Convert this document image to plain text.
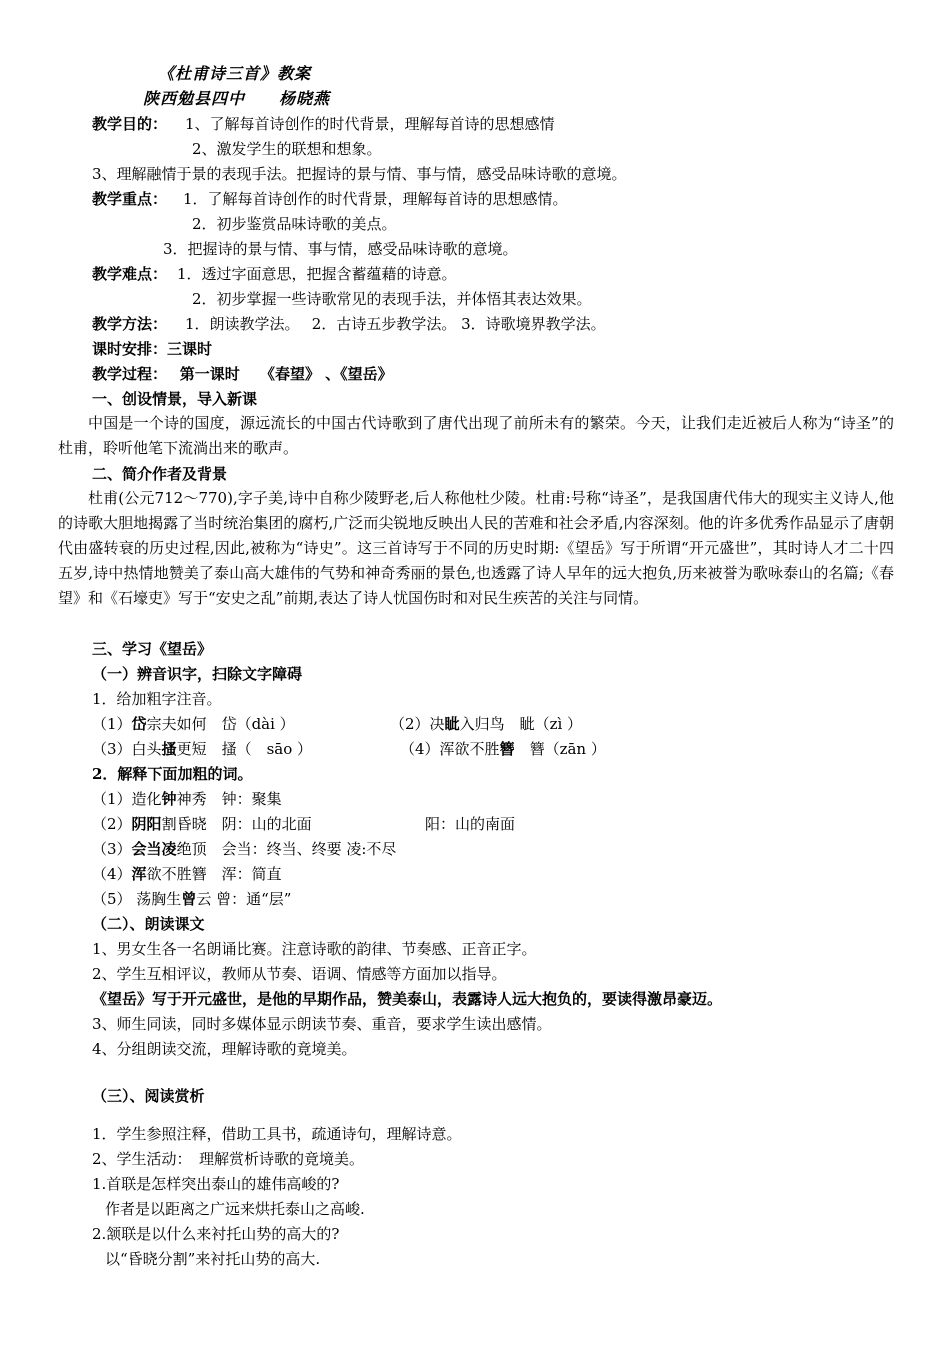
《杜甫诗三首》教案
陕西勉县四中　　杨晓燕
教学目的： 1、了解每首诗创作的时代背景，理解每首诗的思想感情
2、激发学生的联想和想象。
3、理解融情于景的表现手法。把握诗的景与情、事与情，感受品味诗歌的意境。
教学重点： 1．了解每首诗创作的时代背景，理解每首诗的思想感情。
2．初步鉴赏品味诗歌的美点。
3．把握诗的景与情、事与情，感受品味诗歌的意境。
教学难点： 1．透过字面意思，把握含蓄蕴藉的诗意。
2．初步掌握一些诗歌常见的表现手法，并体悟其表达效果。
教学方法： 1．朗读教学法。　 2．古诗五步教学法。 3．诗歌境界教学法。
课时安排：三课时
教学过程：　 第一课时　 《春望》 、《望岳》
一、创设情景，导入新课
中国是一个诗的国度，源远流长的中国古代诗歌到了唐代出现了前所未有的繁荣。今天，让我们走近被后人称为“诗圣”的杜甫，聆听他笔下流淌出来的歌声。
二、简介作者及背景
杜甫(公元712～770),字子美,诗中自称少陵野老,后人称他杜少陵。杜甫:号称“诗圣”，是我国唐代伟大的现实主义诗人,他的诗歌大胆地揭露了当时统治集团的腐朽,广泛而尖锐地反映出人民的苦难和社会矛盾,内容深刻。他的许多优秀作品显示了唐朝代由盛转衰的历史过程,因此,被称为“诗史”。这三首诗写于不同的历史时期:《望岳》写于所谓“开元盛世”，其时诗人才二十四五岁,诗中热情地赞美了泰山高大雄伟的气势和神奇秀丽的景色,也透露了诗人早年的远大抱负,历来被誉为歌咏泰山的名篇;《春望》和《石壕吏》写于“安史之乱”前期,表达了诗人忧国伤时和对民生疾苦的关注与同情。
三、学习《望岳》
（一）辨音识字，扫除文字障碍
1．给加粗字注音。
（1）岱宗夫如何　岱（dài ）	（2）决眦入归鸟　眦（zì ）
（3）白头搔更短　搔（　sāo ）	（4）浑欲不胜簪　簪（zān ）
2．解释下面加粗的词。
（1）造化钟神秀　钟：聚集
（2）阴阳割昏晓　阴：山的北面	阳：山的南面
（3）会当凌绝顶　会当：终当、终要 凌:不尽
（4）浑欲不胜簪　浑：简直
（5） 荡胸生曾云 曾：通“层”
（二）、朗读课文
1、男女生各一名朗诵比赛。注意诗歌的韵律、节奏感、正音正字。
2、学生互相评议，教师从节奏、语调、情感等方面加以指导。
《望岳》写于开元盛世，是他的早期作品，赞美泰山，表露诗人远大抱负的，要读得激昂豪迈。
3、师生同读，同时多媒体显示朗读节奏、重音，要求学生读出感情。
4、分组朗读交流，理解诗歌的竟境美。
（三）、阅读赏析
1．学生参照注释，借助工具书，疏通诗句，理解诗意。
2、学生活动：　理解赏析诗歌的竟境美。
1.首联是怎样突出泰山的雄伟高峻的?
作者是以距离之广远来烘托泰山之高峻.
2.颔联是以什么来衬托山势的高大的?
以“昏晓分割”来衬托山势的高大.
